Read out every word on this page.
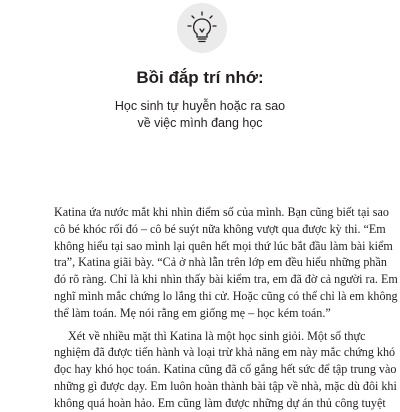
Bồi đắp trí nhớ:
Học sinh tự huyễn hoặc ra sao
về việc mình đang học
Katina ứa nước mắt khi nhìn điểm số của mình. Bạn cũng biết tại sao
cô bé khóc rối đó – cô bé suýt nữa không vượt qua được kỳ thi. “Em
không hiểu tại sao mình lại quên hết mọi thứ lúc bắt đầu làm bài kiểm
tra”, Katina giãi bày. “Cả ở nhà lẫn trên lớp em đều hiểu những phần
đó rõ ràng. Chỉ là khi nhìn thấy bài kiểm tra, em đã đờ cả người ra. Em
nghĩ mình mắc chứng lo lắng thi cử. Hoặc cũng có thể chỉ là em không
thể làm toán. Mẹ nói rằng em giống mẹ – học kém toán.”
Xét về nhiều mặt thì Katina là một học sinh giỏi. Một số thực
nghiệm đã được tiến hành và loại trừ khả năng em này mắc chứng khó
đọc hay khó học toán. Katina cũng đã cố gắng hết sức để tập trung vào
những gì được dạy. Em luôn hoàn thành bài tập về nhà, mặc dù đôi khi
không quá hoàn hảo. Em cũng làm được những dự án thủ công tuyệt
